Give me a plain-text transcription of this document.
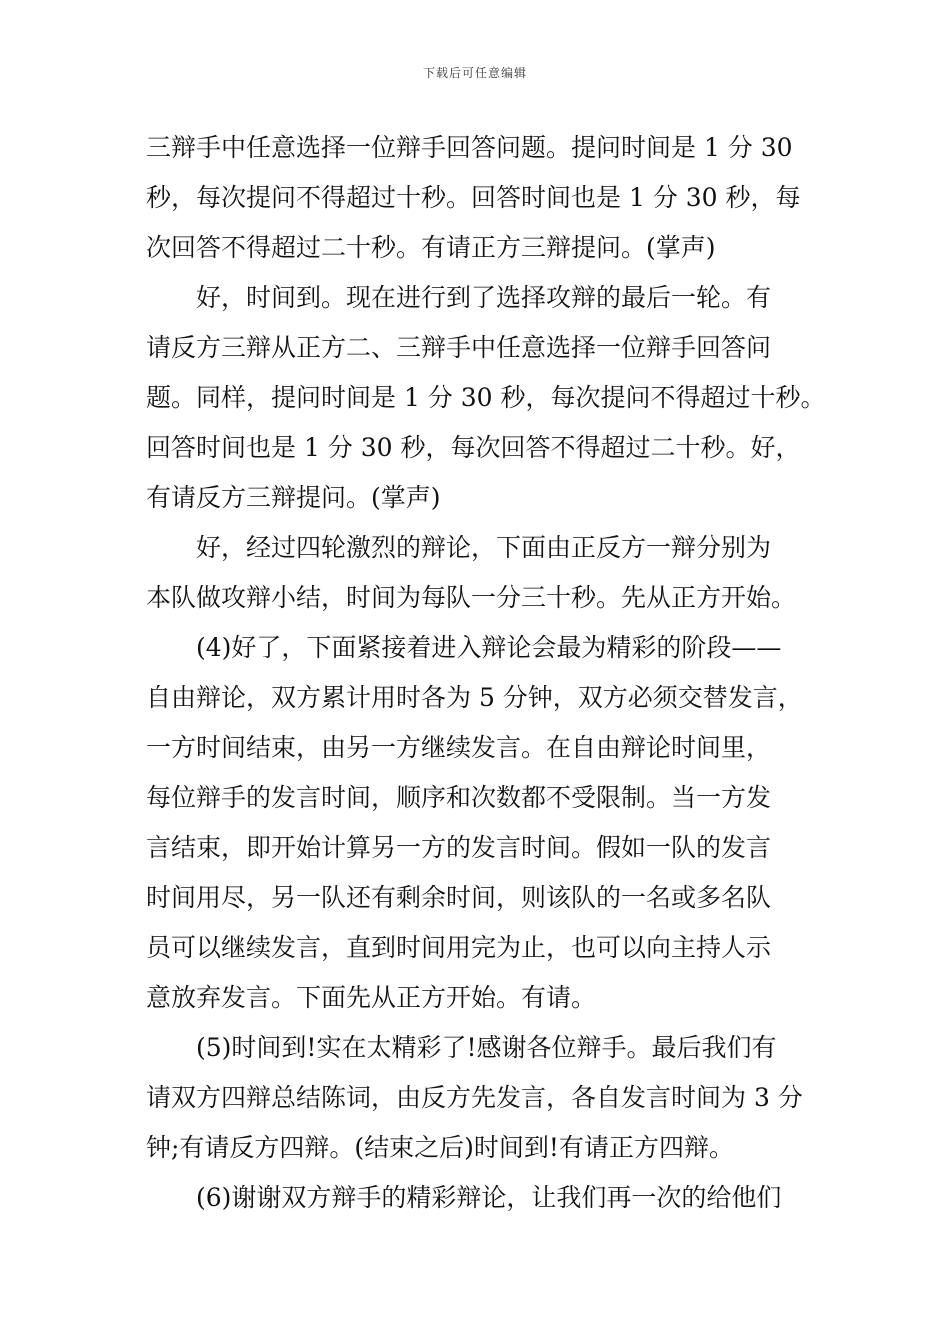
下载后可任意编辑
三辩手中任意选择一位辩手回答问题。提问时间是 1 分 30
秒，每次提问不得超过十秒。回答时间也是 1 分 30 秒，每
次回答不得超过二十秒。有请正方三辩提问。(掌声)
好，时间到。现在进行到了选择攻辩的最后一轮。有
请反方三辩从正方二、三辩手中任意选择一位辩手回答问
题。同样，提问时间是 1 分 30 秒，每次提问不得超过十秒。
回答时间也是 1 分 30 秒，每次回答不得超过二十秒。好，
有请反方三辩提问。(掌声)
好，经过四轮激烈的辩论，下面由正反方一辩分别为
本队做攻辩小结，时间为每队一分三十秒。先从正方开始。
(4)好了，下面紧接着进入辩论会最为精彩的阶段——
自由辩论，双方累计用时各为 5 分钟，双方必须交替发言，
一方时间结束，由另一方继续发言。在自由辩论时间里，
每位辩手的发言时间，顺序和次数都不受限制。当一方发
言结束，即开始计算另一方的发言时间。假如一队的发言
时间用尽，另一队还有剩余时间，则该队的一名或多名队
员可以继续发言，直到时间用完为止，也可以向主持人示
意放弃发言。下面先从正方开始。有请。
(5)时间到!实在太精彩了!感谢各位辩手。最后我们有
请双方四辩总结陈词，由反方先发言，各自发言时间为 3 分
钟;有请反方四辩。(结束之后)时间到!有请正方四辩。
(6)谢谢双方辩手的精彩辩论，让我们再一次的给他们
